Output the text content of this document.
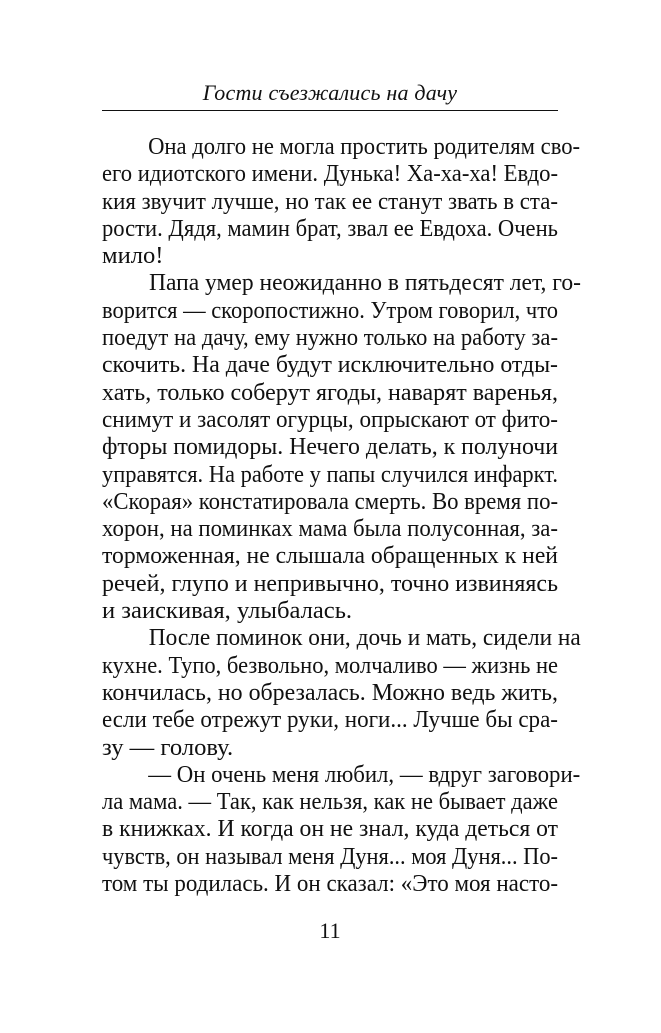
Гости съезжались на дачу
Она долго не могла простить родителям сво-
его идиотского имени. Дунька! Ха-ха-ха! Евдо-
кия звучит лучше, но так ее станут звать в ста-
рости. Дядя, мамин брат, звал ее Евдоха. Очень
мило!
Папа умер неожиданно в пятьдесят лет, го-
ворится — скоропостижно. Утром говорил, что
поедут на дачу, ему нужно только на работу за-
скочить. На даче будут исключительно отды-
хать, только соберут ягоды, наварят варенья,
снимут и засолят огурцы, опрыскают от фито-
фторы помидоры. Нечего делать, к полуночи
управятся. На работе у папы случился инфаркт.
«Скорая» констатировала смерть. Во время по-
хорон, на поминках мама была полусонная, за-
торможенная, не слышала обращенных к ней
речей, глупо и непривычно, точно извиняясь
и заискивая, улыбалась.
После поминок они, дочь и мать, сидели на
кухне. Тупо, безвольно, молчаливо — жизнь не
кончилась, но обрезалась. Можно ведь жить,
если тебе отрежут руки, ноги... Лучше бы сра-
зу — голову.
— Он очень меня любил, — вдруг заговори-
ла мама. — Так, как нельзя, как не бывает даже
в книжках. И когда он не знал, куда деться от
чувств, он называл меня Дуня... моя Дуня... По-
том ты родилась. И он сказал: «Это моя насто-
11
